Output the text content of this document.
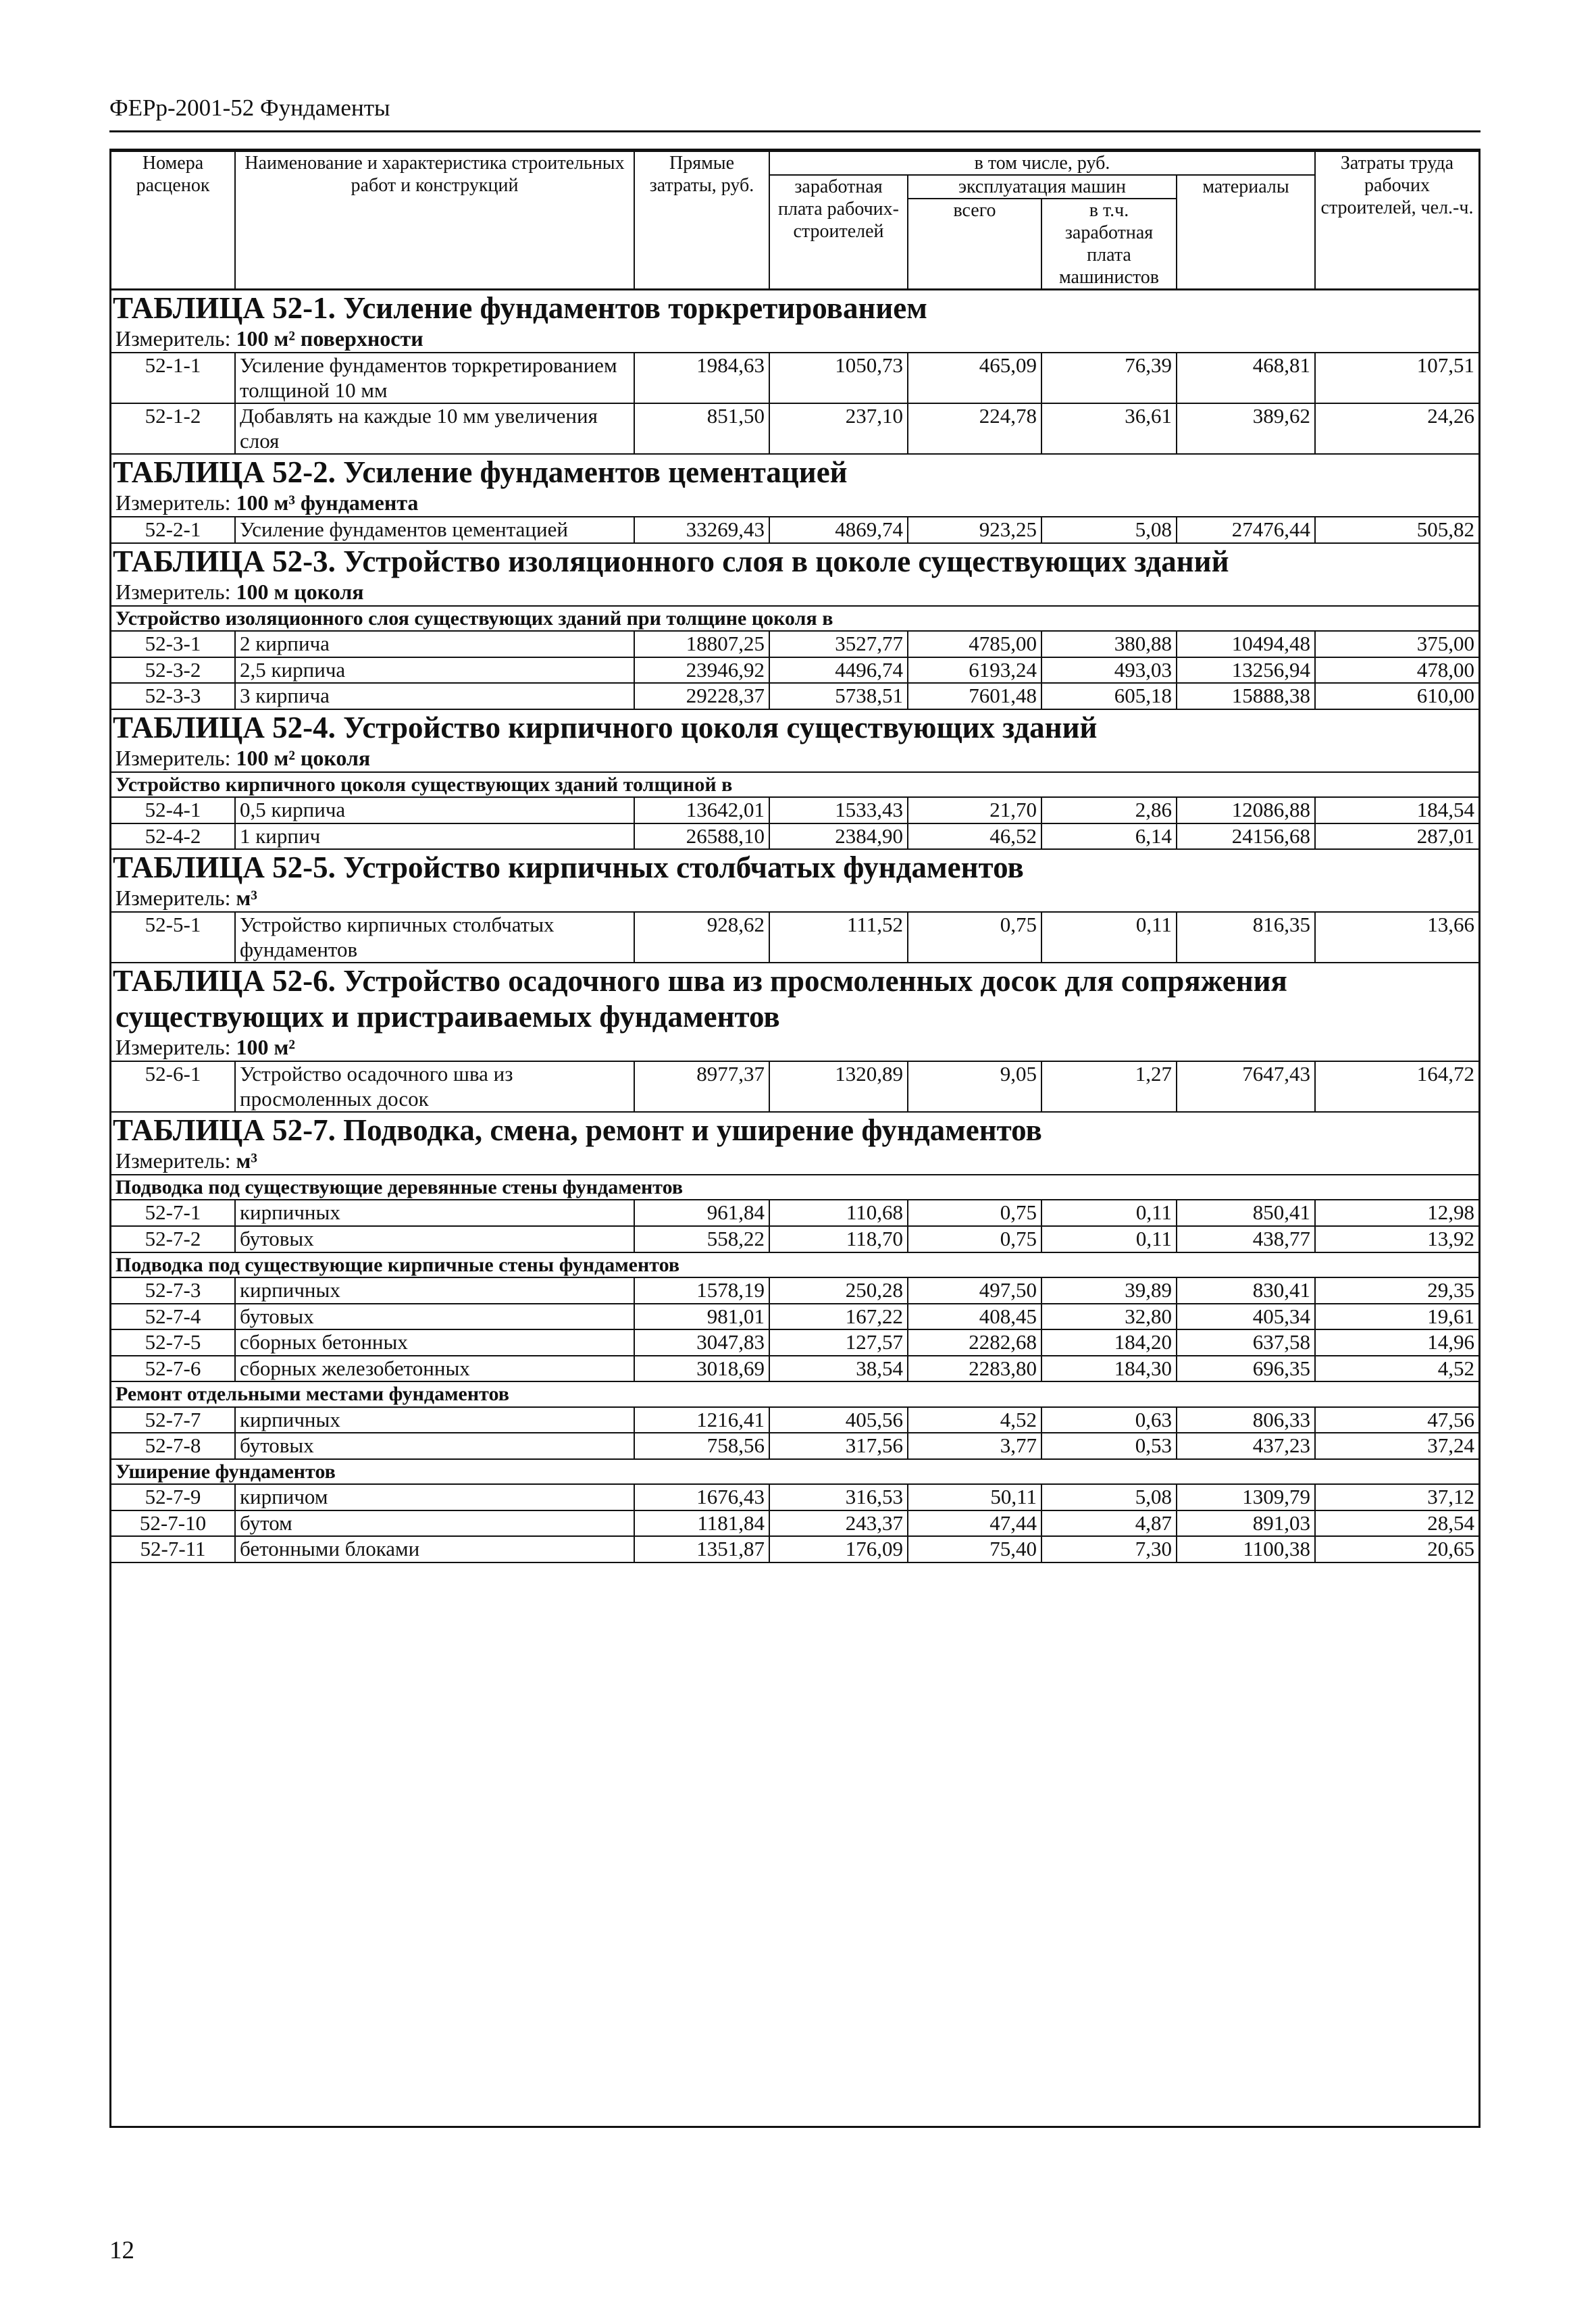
ФЕРр-2001-52 Фундаменты
Номера расценок	Наименование и характеристика строительных работ и конструкций	Прямые затраты, руб.	в том числе, руб.				Затраты труда рабочих строителей, чел.-ч.
			заработная плата рабочих-строителей	эксплуатация машин		материалы	
				всего	в т.ч. заработная плата машинистов		
ТАБЛИЦА 52-1. Усиление фундаментов торкретированием							
Измеритель: 100 м² поверхности							
52-1-1	Усиление фундаментов торкретированием толщиной 10 мм	1984,63	1050,73	465,09	76,39	468,81	107,51
52-1-2	Добавлять на каждые 10 мм увеличения слоя	851,50	237,10	224,78	36,61	389,62	24,26
ТАБЛИЦА 52-2. Усиление фундаментов цементацией							
Измеритель: 100 м³ фундамента							
52-2-1	Усиление фундаментов цементацией	33269,43	4869,74	923,25	5,08	27476,44	505,82
ТАБЛИЦА 52-3. Устройство изоляционного слоя в цоколе существующих зданий							
Измеритель: 100 м цоколя							
Устройство изоляционного слоя существующих зданий при толщине цоколя в							
52-3-1	2 кирпича	18807,25	3527,77	4785,00	380,88	10494,48	375,00
52-3-2	2,5 кирпича	23946,92	4496,74	6193,24	493,03	13256,94	478,00
52-3-3	3 кирпича	29228,37	5738,51	7601,48	605,18	15888,38	610,00
ТАБЛИЦА 52-4. Устройство кирпичного цоколя существующих зданий							
Измеритель: 100 м² цоколя							
Устройство кирпичного цоколя существующих зданий толщиной в							
52-4-1	0,5 кирпича	13642,01	1533,43	21,70	2,86	12086,88	184,54
52-4-2	1 кирпич	26588,10	2384,90	46,52	6,14	24156,68	287,01
ТАБЛИЦА 52-5. Устройство кирпичных столбчатых фундаментов							
Измеритель: м³							
52-5-1	Устройство кирпичных столбчатых фундаментов	928,62	111,52	0,75	0,11	816,35	13,66
ТАБЛИЦА 52-6. Устройство осадочного шва из просмоленных досок для сопряжения существующих и пристраиваемых фундаментов							
Измеритель: 100 м²							
52-6-1	Устройство осадочного шва из просмоленных досок	8977,37	1320,89	9,05	1,27	7647,43	164,72
ТАБЛИЦА 52-7. Подводка, смена, ремонт и уширение фундаментов							
Измеритель: м³							
Подводка под существующие деревянные стены фундаментов							
52-7-1	кирпичных	961,84	110,68	0,75	0,11	850,41	12,98
52-7-2	бутовых	558,22	118,70	0,75	0,11	438,77	13,92
Подводка под существующие кирпичные стены фундаментов							
52-7-3	кирпичных	1578,19	250,28	497,50	39,89	830,41	29,35
52-7-4	бутовых	981,01	167,22	408,45	32,80	405,34	19,61
52-7-5	сборных бетонных	3047,83	127,57	2282,68	184,20	637,58	14,96
52-7-6	сборных железобетонных	3018,69	38,54	2283,80	184,30	696,35	4,52
Ремонт отдельными местами фундаментов							
52-7-7	кирпичных	1216,41	405,56	4,52	0,63	806,33	47,56
52-7-8	бутовых	758,56	317,56	3,77	0,53	437,23	37,24
Уширение фундаментов							
52-7-9	кирпичом	1676,43	316,53	50,11	5,08	1309,79	37,12
52-7-10	бутом	1181,84	243,37	47,44	4,87	891,03	28,54
52-7-11	бетонными блоками	1351,87	176,09	75,40	7,30	1100,38	20,65
12
